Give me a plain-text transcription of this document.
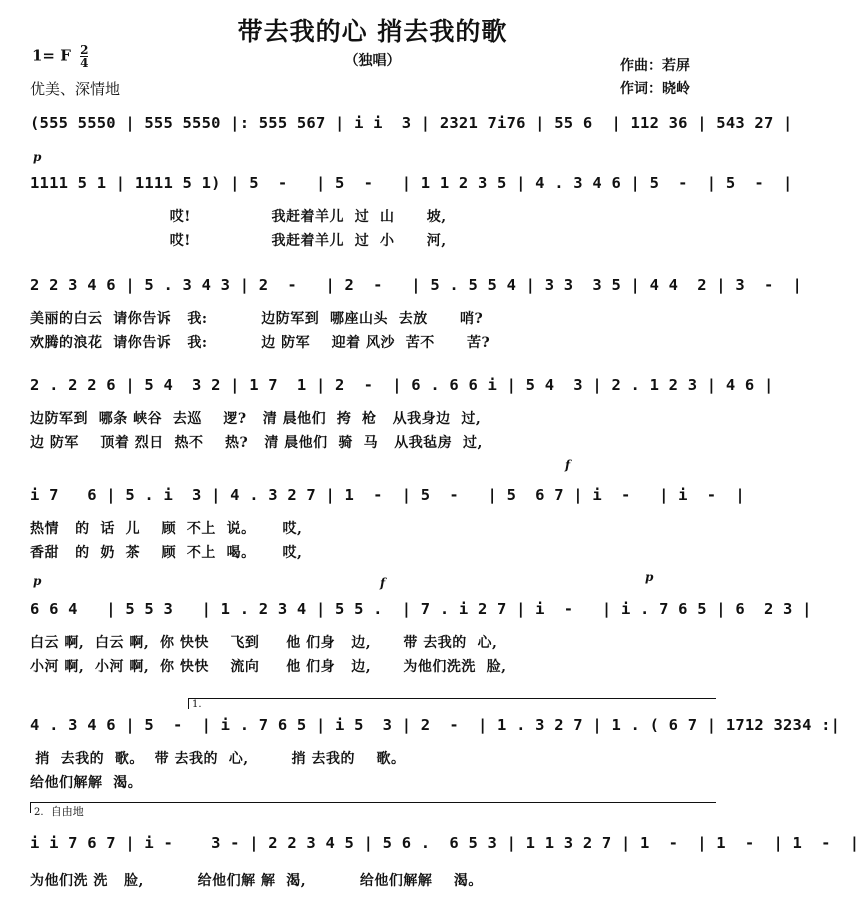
带去我的心 捎去我的歌
（独唱）
1= F $\frac{2}{4}$
优美、深情地
作曲：若屏
作词：晓岭
(555 5550 | 555 5550 |: 555 567 | i i  3 | 2321 7i76 | 55 6  | 112 36 | 543 27 |
p
1111 5 1 | 1111 5 1) | 5  -   | 5  -   | 1 1 2 3 5 | 4 . 3 4 6 | 5  -  | 5  -  |
哎!               我赶着羊儿  过  山      坡,
哎!               我赶着羊儿  过  小      河,
2 2 3 4 6 | 5 . 3 4 3 | 2  -   | 2  -   | 5 . 5 5 4 | 3 3  3 5 | 4 4  2 | 3  -  |
美丽的白云  请你告诉   我:          边防军到  哪座山头  去放      哨?
欢腾的浪花  请你告诉   我:          边 防军    迎着 风沙  苦不      苦?
2 . 2 2 6 | 5 4  3 2 | 1 7  1 | 2  -  | 6 . 6 6 i | 5 4  3 | 2 . 1 2 3 | 4 6 |
边防军到  哪条 峡谷  去巡    逻?   清 晨他们  挎  枪   从我身边  过,
边 防军    顶着 烈日  热不    热?   清 晨他们  骑  马   从我毡房  过,
f
i 7   6 | 5 . i  3 | 4 . 3 2 7 | 1  -  | 5  -   | 5  6 7 | i  -   | i  -  |
热情   的  话  儿    顾  不上  说。     哎,
香甜   的  奶  茶    顾  不上  喝。     哎,
p	f	p
6 6 4   | 5 5 3   | 1 . 2 3 4 | 5 5 .  | 7 . i 2 7 | i  -   | i . 7 6 5 | 6  2 3 |
白云 啊,  白云 啊,  你 快快    飞到     他 们身   边,      带 去我的  心,
小河 啊,  小河 啊,  你 快快    流向     他 们身   边,      为他们洗洗  脸,
1.
4 . 3 4 6 | 5  -  | i . 7 6 5 | i 5  3 | 2  -  | 1 . 3 2 7 | 1 . ( 6 7 | 1712 3234 :|
捎  去我的  歌。  带 去我的  心,        捎 去我的    歌。
给他们解解  渴。
2. 自由地
i i 7 6 7 | i -    3 - | 2 2 3 4 5 | 5 6 .  6 5 3 | 1 1 3 2 7 | 1  -  | 1  -  | 1  -  |
为他们洗 洗   脸,          给他们解 解  渴,          给他们解解    渴。
